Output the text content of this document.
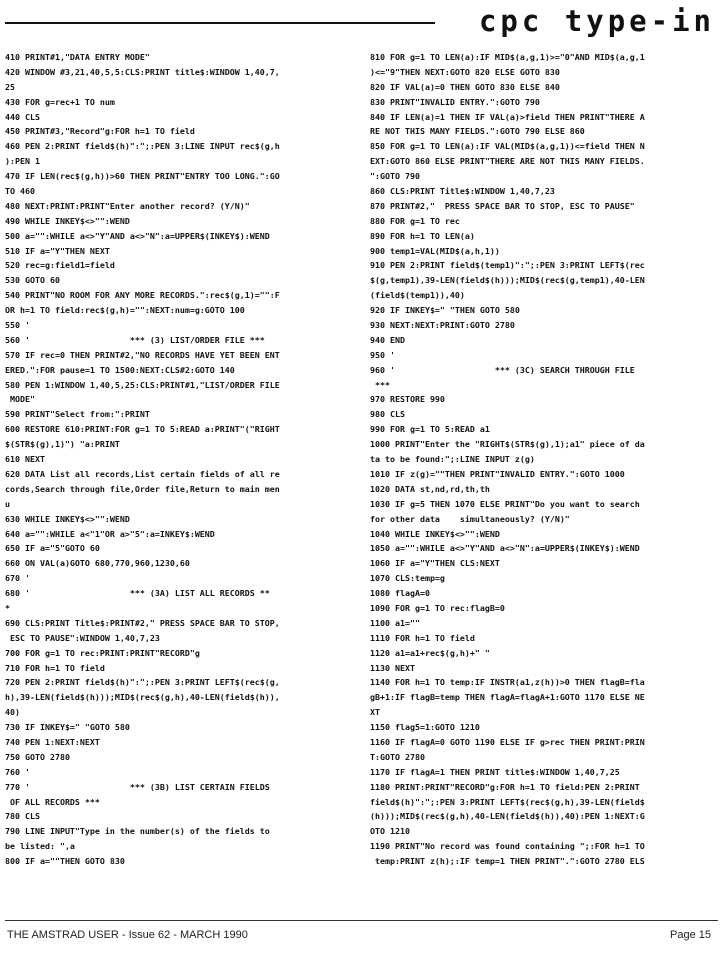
cpc type-in
410 PRINT#1,"DATA ENTRY MODE"
420 WINDOW #3,21,40,5,5:CLS:PRINT title$:WINDOW 1,40,7,
25
430 FOR g=rec+1 TO num
440 CLS
450 PRINT#3,"Record"g:FOR h=1 TO field
460 PEN 2:PRINT field$(h)":";:PEN 3:LINE INPUT rec$(g,h
):PEN 1
470 IF LEN(rec$(g,h))>60 THEN PRINT"ENTRY TOO LONG.":GO
TO 460
480 NEXT:PRINT:PRINT"Enter another record? (Y/N)"
490 WHILE INKEY$<>"":WEND
500 a="":WHILE a<>"Y"AND a<>"N":a=UPPER$(INKEY$):WEND
510 IF a="Y"THEN NEXT
520 rec=g:field1=field
530 GOTO 60
540 PRINT"NO ROOM FOR ANY MORE RECORDS.":rec$(g,1)="":F
OR h=1 TO field:rec$(g,h)="":NEXT:num=g:GOTO 100
550 '
560 '                    *** (3) LIST/ORDER FILE ***
570 IF rec=0 THEN PRINT#2,"NO RECORDS HAVE YET BEEN ENT
ERED.":FOR pause=1 TO 1500:NEXT:CLS#2:GOTO 140
580 PEN 1:WINDOW 1,40,5,25:CLS:PRINT#1,"LIST/ORDER FILE
MODE"
590 PRINT"Select from:":PRINT
600 RESTORE 610:PRINT:FOR g=1 TO 5:READ a:PRINT"("RIGHT
$(STR$(g),1)") "a:PRINT
610 NEXT
620 DATA List all records,List certain fields of all re
cords,Search through file,Order file,Return to main men
u
630 WHILE INKEY$<>"":WEND
640 a="":WHILE a<"1"OR a>"5":a=INKEY$:WEND
650 IF a="5"GOTO 60
660 ON VAL(a)GOTO 680,770,960,1230,60
670 '
680 '                    *** (3A) LIST ALL RECORDS **
*
690 CLS:PRINT Title$:PRINT#2," PRESS SPACE BAR TO STOP,
ESC TO PAUSE":WINDOW 1,40,7,23
700 FOR g=1 TO rec:PRINT:PRINT"RECORD"g
710 FOR h=1 TO field
720 PEN 2:PRINT field$(h)":";:PEN 3:PRINT LEFT$(rec$(g,
h),39-LEN(field$(h)));MID$(rec$(g,h),40-LEN(field$(h)),
40)
730 IF INKEY$=" "GOTO 580
740 PEN 1:NEXT:NEXT
750 GOTO 2780
760 '
770 '                    *** (3B) LIST CERTAIN FIELDS
OF ALL RECORDS ***
780 CLS
790 LINE INPUT"Type in the number(s) of the fields to
be listed: ",a
800 IF a=""THEN GOTO 830
810 FOR g=1 TO LEN(a):IF MID$(a,g,1)>="0"AND MID$(a,g,1
)<="9"THEN NEXT:GOTO 820 ELSE GOTO 830
820 IF VAL(a)=0 THEN GOTO 830 ELSE 840
830 PRINT"INVALID ENTRY.":GOTO 790
840 IF LEN(a)=1 THEN IF VAL(a)>field THEN PRINT"THERE A
RE NOT THIS MANY FIELDS.":GOTO 790 ELSE 860
850 FOR g=1 TO LEN(a):IF VAL(MID$(a,g,1))<=field THEN N
EXT:GOTO 860 ELSE PRINT"THERE ARE NOT THIS MANY FIELDS.
":GOTO 790
860 CLS:PRINT Title$:WINDOW 1,40,7,23
870 PRINT#2,"  PRESS SPACE BAR TO STOP, ESC TO PAUSE"
880 FOR g=1 TO rec
890 FOR h=1 TO LEN(a)
900 temp1=VAL(MID$(a,h,1))
910 PEN 2:PRINT field$(temp1)":";:PEN 3:PRINT LEFT$(rec
$(g,temp1),39-LEN(field$(h)));MID$(rec$(g,temp1),40-LEN
(field$(temp1)),40)
920 IF INKEY$=" "THEN GOTO 580
930 NEXT:NEXT:PRINT:GOTO 2780
940 END
950 '
960 '                    *** (3C) SEARCH THROUGH FILE
***
970 RESTORE 990
980 CLS
990 FOR g=1 TO 5:READ a1
1000 PRINT"Enter the "RIGHT$(STR$(g),1);a1" piece of da
ta to be found:";:LINE INPUT z(g)
1010 IF z(g)=""THEN PRINT"INVALID ENTRY.":GOTO 1000
1020 DATA st,nd,rd,th,th
1030 IF g=5 THEN 1070 ELSE PRINT"Do you want to search
for other data    simultaneously? (Y/N)"
1040 WHILE INKEY$<>"":WEND
1050 a="":WHILE a<>"Y"AND a<>"N":a=UPPER$(INKEY$):WEND
1060 IF a="Y"THEN CLS:NEXT
1070 CLS:temp=g
1080 flagA=0
1090 FOR g=1 TO rec:flagB=0
1100 a1=""
1110 FOR h=1 TO field
1120 a1=a1+rec$(g,h)+" "
1130 NEXT
1140 FOR h=1 TO temp:IF INSTR(a1,z(h))>0 THEN flagB=fla
gB+1:IF flagB=temp THEN flagA=flagA+1:GOTO 1170 ELSE NE
XT
1150 flag5=1:GOTO 1210
1160 IF flagA=0 GOTO 1190 ELSE IF g>rec THEN PRINT:PRIN
T:GOTO 2780
1170 IF flagA=1 THEN PRINT title$:WINDOW 1,40,7,25
1180 PRINT:PRINT"RECORD"g:FOR h=1 TO field:PEN 2:PRINT
field$(h)":";:PEN 3:PRINT LEFT$(rec$(g,h),39-LEN(field$
(h)));MID$(rec$(g,h),40-LEN(field$(h)),40):PEN 1:NEXT:G
OTO 1210
1190 PRINT"No record was found containing ";:FOR h=1 TO
temp:PRINT z(h);:IF temp=1 THEN PRINT".":GOTO 2780 ELS
THE AMSTRAD USER - Issue 62 - MARCH 1990	Page 15
